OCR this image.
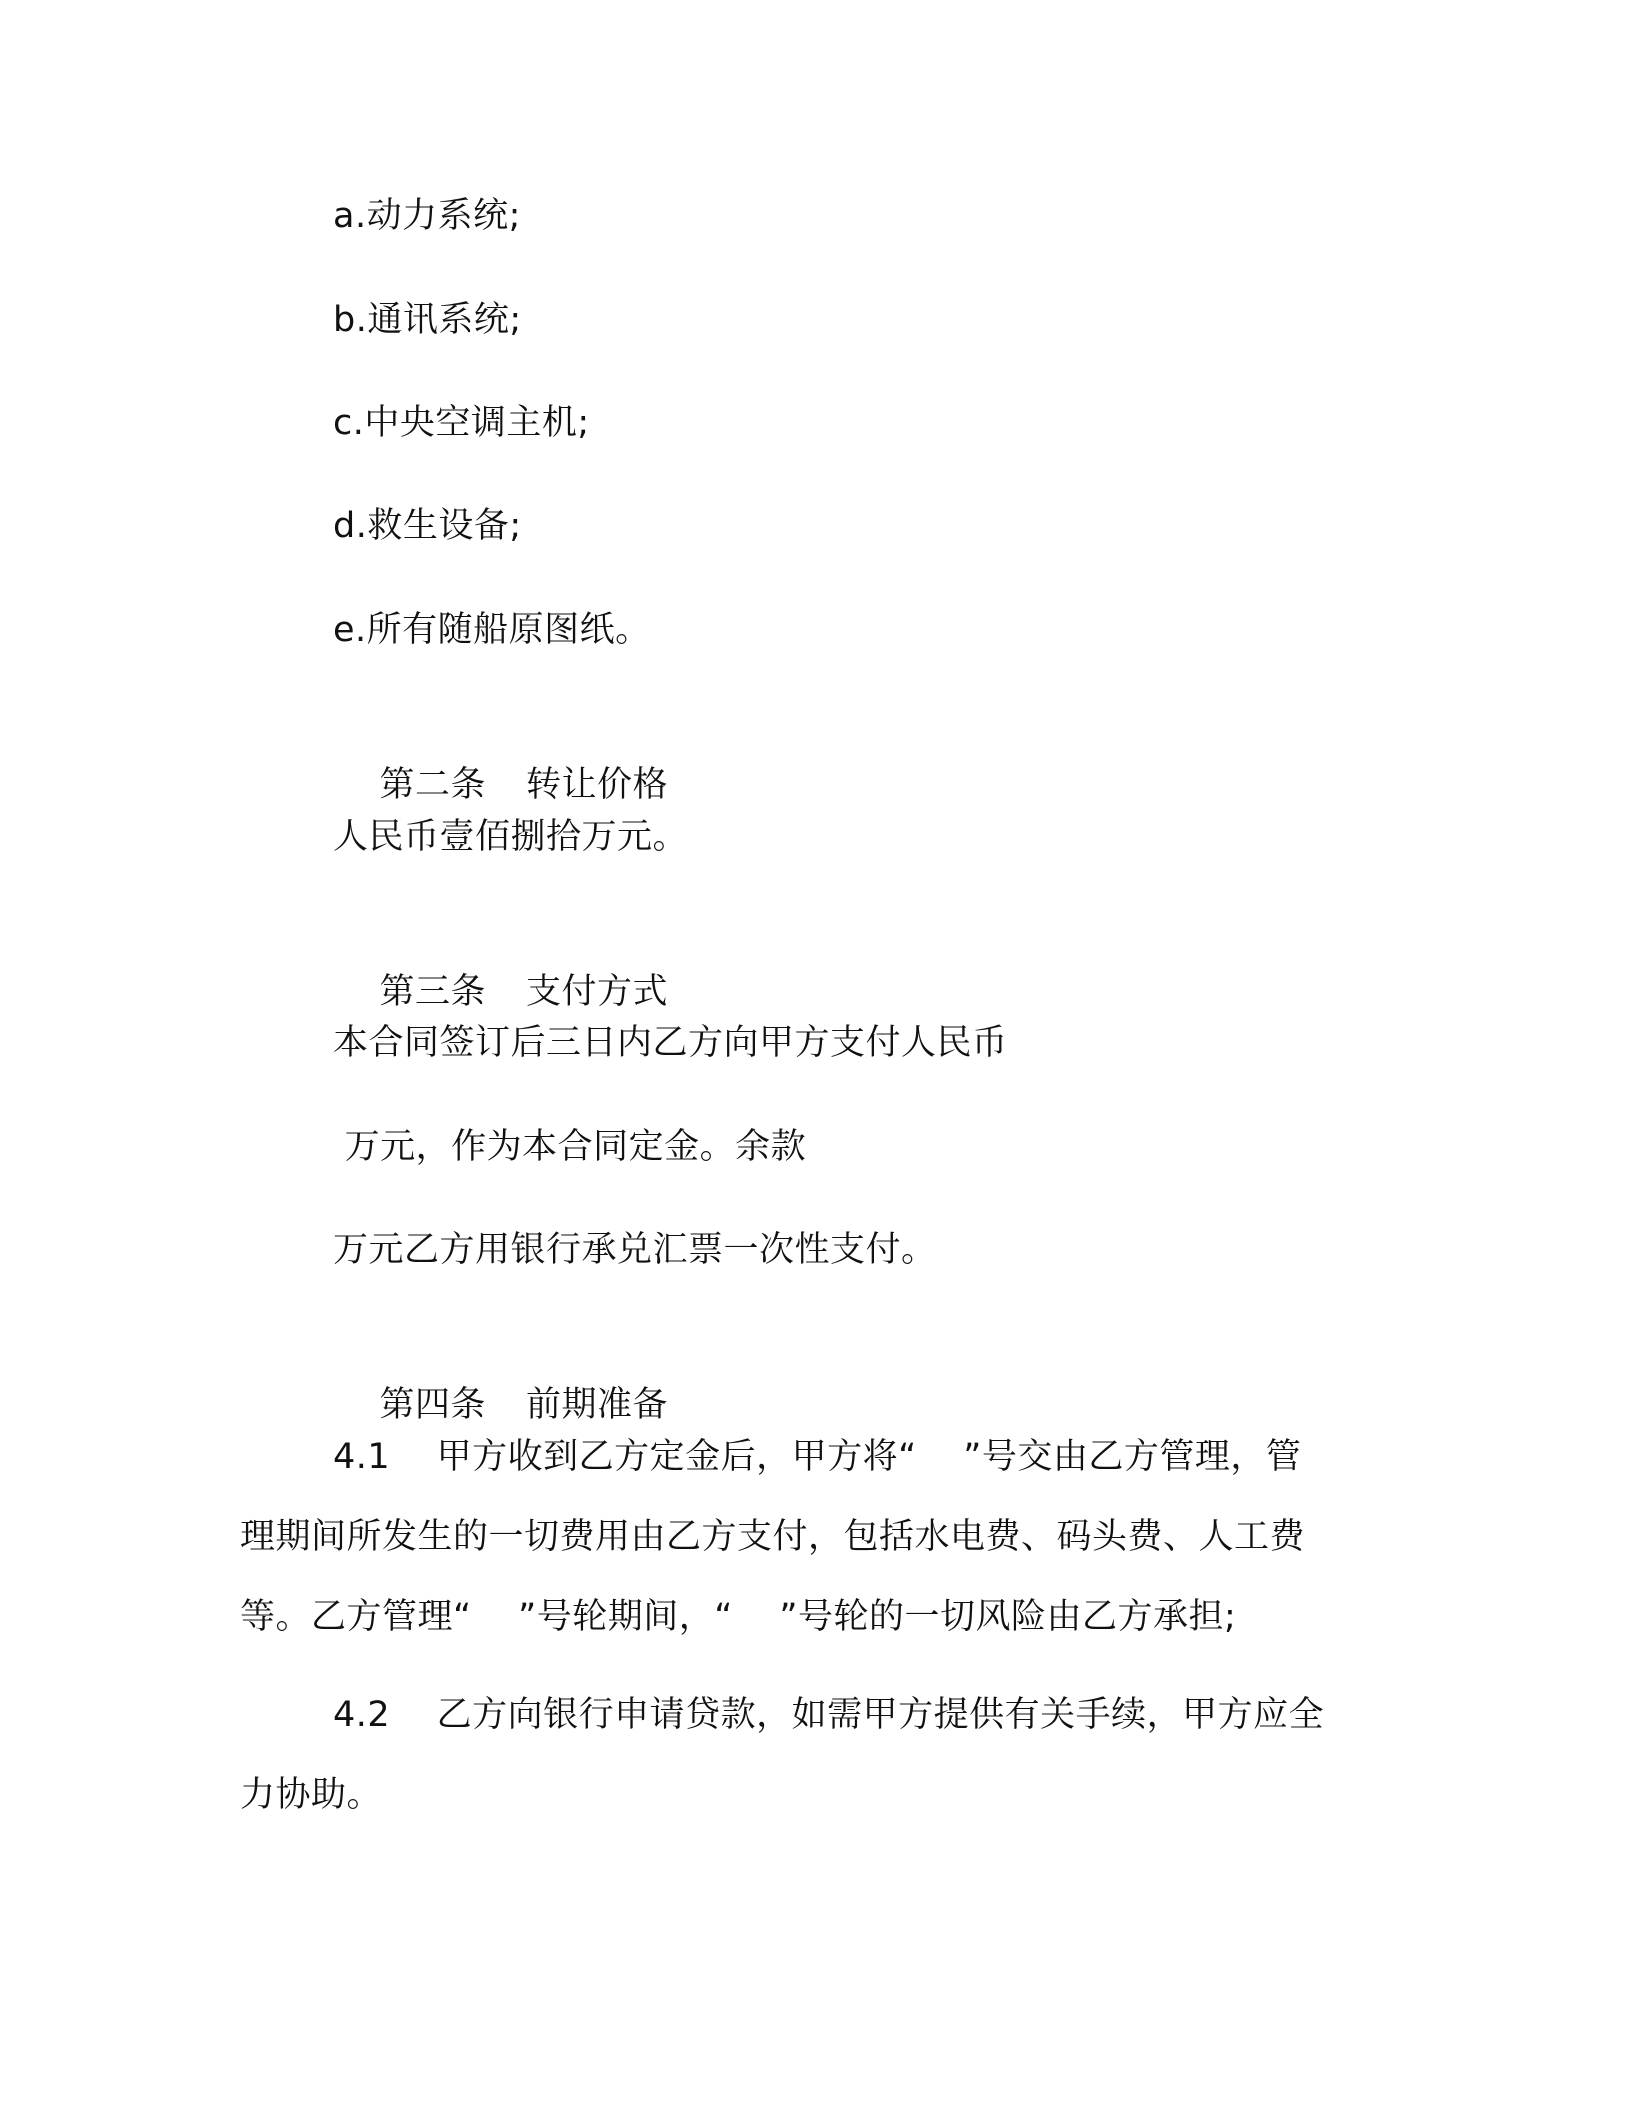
a.动力系统;
b.通讯系统;
c.中央空调主机;
d.救生设备;
e.所有随船原图纸。

第二条 转让价格

人民币壹佰捌拾万元。

第三条 支付方式

本合同签订后三日内乙方向甲方支付人民币
万元，作为本合同定金。余款
万元乙方用银行承兑汇票一次性支付。

第四条 前期准备

4.1    甲方收到乙方定金后，甲方将“    ”号交由乙方管理，管
理期间所发生的一切费用由乙方支付，包括水电费、码头费、人工费
等。乙方管理“    ”号轮期间，“    ”号轮的一切风险由乙方承担;
4.2    乙方向银行申请贷款，如需甲方提供有关手续，甲方应全
力协助。
